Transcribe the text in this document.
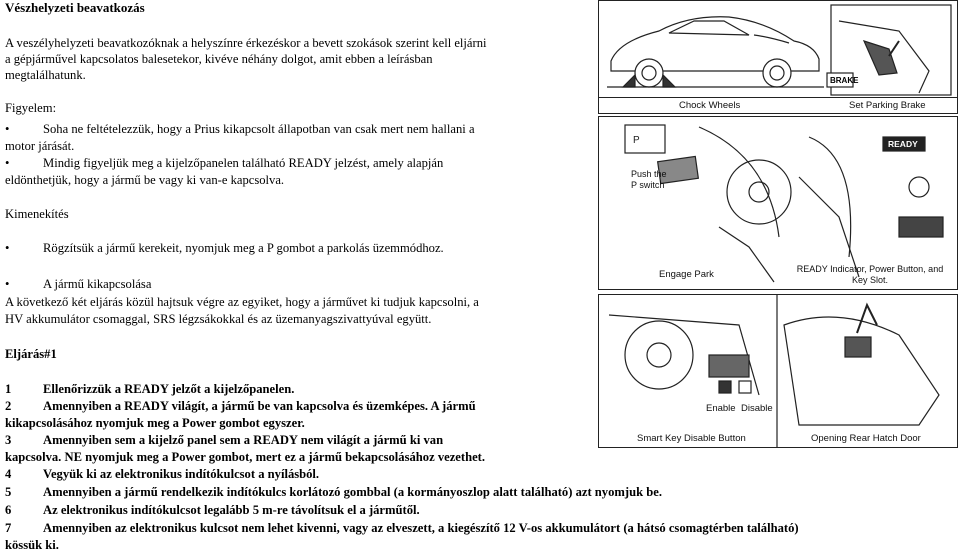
Vészhelyzeti beavatkozás
A veszélyhelyzeti beavatkozóknak a helyszínre érkezéskor a bevett szokások szerint kell eljárni
a gépjárművel kapcsolatos balesetekor, kivéve néhány dolgot, amit ebben a leírásban
megtalálhatunk.
Figyelem:
•	Soha ne feltételezzük, hogy a Prius kikapcsolt állapotban van csak mert nem hallani a
motor járását.
•	Mindig figyeljük meg a kijelzőpanelen található READY jelzést, amely alapján
eldönthetjük, hogy a jármű be vagy ki van-e kapcsolva.
Kimenekítés
•	Rögzítsük a jármű kerekeit, nyomjuk meg a P gombot a parkolás üzemmódhoz.
•	A jármű kikapcsolása
A következő két eljárás közül hajtsuk végre az egyiket, hogy a járművet ki tudjuk kapcsolni, a
HV akkumulátor csomaggal, SRS légzsákokkal és az üzemanyagszivattyúval együtt.
Eljárás#1
1	Ellenőrizzük a READY jelzőt a kijelzőpanelen.
2	Amennyiben a READY világít, a jármű be van kapcsolva és üzemképes. A jármű
kikapcsolásához nyomjuk meg a Power gombot egyszer.
3	Amennyiben sem a kijelző panel sem a READY nem világít a jármű ki van
kapcsolva. NE nyomjuk meg a Power gombot, mert ez a jármű bekapcsolásához vezethet.
4	Vegyük ki az elektronikus indítókulcsot a nyílásból.
5	Amennyiben a jármű rendelkezik indítókulcs korlátozó gombbal (a kormányoszlop alatt található) azt nyomjuk be.
6	Az elektronikus indítókulcsot legalább 5 m-re távolítsuk el a járműtől.
7	Amennyiben az elektronikus kulcsot nem lehet kivenni, vagy az elveszett, a kiegészítő 12 V-os akkumulátort (a hátsó csomagtérben található)
kössük ki.
BRAKE
Chock Wheels	Set Parking Brake
P
Push the
P switch
READY
Engage Park	READY Indicator, Power Button, and
Key Slot.
Enable Disable
Smart Key Disable Button	Opening Rear Hatch Door
